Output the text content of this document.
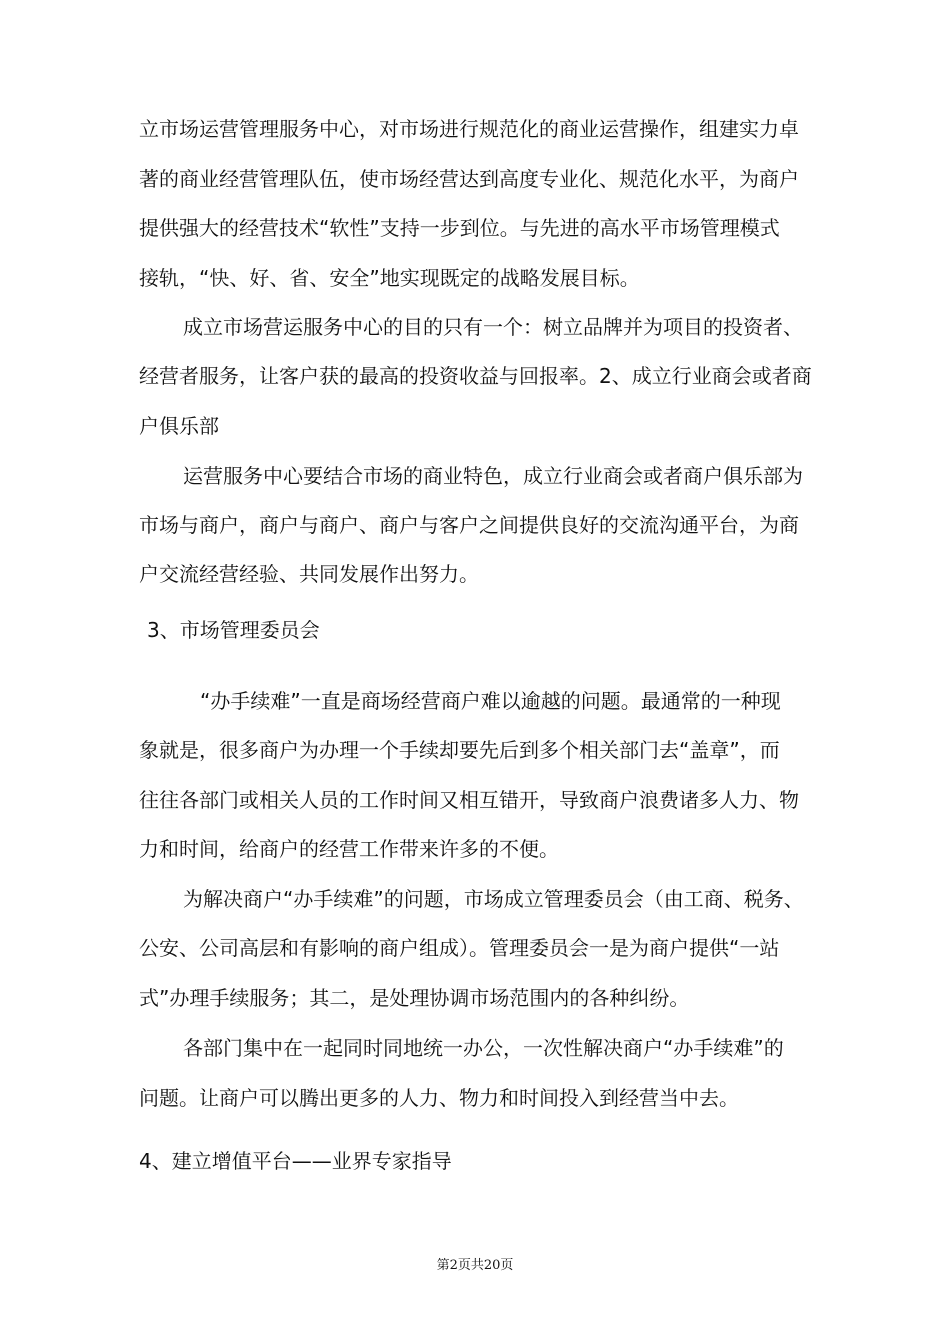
立市场运营管理服务中心，对市场进行规范化的商业运营操作，组建实力卓
著的商业经营管理队伍，使市场经营达到高度专业化、规范化水平，为商户
提供强大的经营技术“软性”支持一步到位。与先进的高水平市场管理模式
接轨，“快、好、省、安全”地实现既定的战略发展目标。
成立市场营运服务中心的目的只有一个：树立品牌并为项目的投资者、
经营者服务，让客户获的最高的投资收益与回报率。2、成立行业商会或者商
户俱乐部
运营服务中心要结合市场的商业特色，成立行业商会或者商户俱乐部为
市场与商户，商户与商户、商户与客户之间提供良好的交流沟通平台，为商
户交流经营经验、共同发展作出努力。
3、市场管理委员会
“办手续难”一直是商场经营商户难以逾越的问题。最通常的一种现
象就是，很多商户为办理一个手续却要先后到多个相关部门去“盖章”，而
往往各部门或相关人员的工作时间又相互错开，导致商户浪费诸多人力、物
力和时间，给商户的经营工作带来许多的不便。
为解决商户“办手续难”的问题，市场成立管理委员会（由工商、税务、
公安、公司高层和有影响的商户组成）。管理委员会一是为商户提供“一站
式”办理手续服务；其二，是处理协调市场范围内的各种纠纷。
各部门集中在一起同时同地统一办公，一次性解决商户“办手续难”的
问题。让商户可以腾出更多的人力、物力和时间投入到经营当中去。
4、建立增值平台——业界专家指导
第2页共20页
